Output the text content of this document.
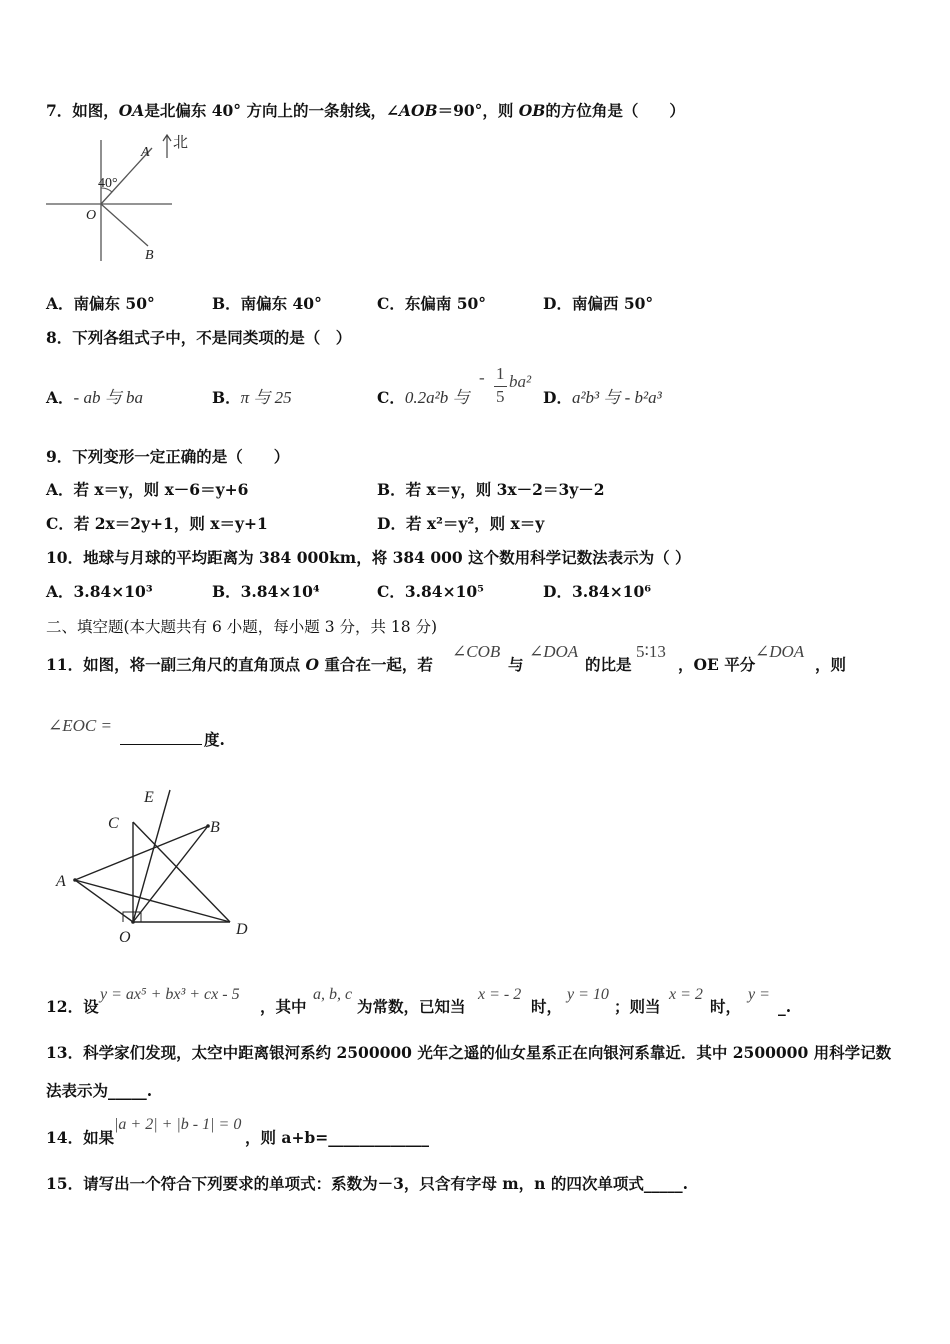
7．如图，OA是北偏东 40° 方向上的一条射线，∠AOB＝90°，则 OB的方位角是（　　）
北
A
40°
O
B
A．南偏东 50°	B．南偏东 40°	C．东偏南 50°	D．南偏西 50°
8．下列各组式子中，不是同类项的是（　）
A．- ab 与 ba	B．π 与 25	C．0.2a²b 与
- 1
5
ba²
D．a²b³ 与 - b²a³
9．下列变形一定正确的是（　　）
A．若 x＝y，则 x－6＝y+6	B．若 x＝y，则 3x－2＝3y－2
C．若 2x＝2y+1，则 x＝y+1	D．若 x²＝y²，则 x＝y
10．地球与月球的平均距离为 384 000km，将 384 000 这个数用科学记数法表示为（ ）
A．3.84×10³	B．3.84×10⁴	C．3.84×10⁵	D．3.84×10⁶
二、填空题(本大题共有 6 小题，每小题 3 分，共 18 分)
11．如图，将一副三角尺的直角顶点 O 重合在一起，若
∠COB
与
∠DOA
的比是
5∶13
，OE 平分
∠DOA
，则
∠EOC =
度.
E
C	B
A
O	D
12．设
y = ax⁵ + bx³ + cx - 5
，其中
a, b, c
为常数，已知当
x = - 2
时，
y = 10
；则当
x = 2
时，
y =
_.
13．科学家们发现，太空中距离银河系约 2500000 光年之遥的仙女星系正在向银河系靠近．其中 2500000 用科学记数
法表示为_____.
14．如果
|a + 2| + |b - 1| = 0
，则 a+b=_____________
15．请写出一个符合下列要求的单项式：系数为－3，只含有字母 m，n 的四次单项式_____.
